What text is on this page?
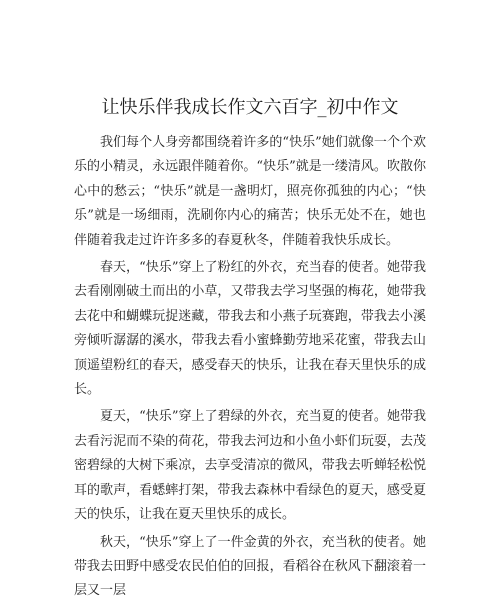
让快乐伴我成长作文六百字_初中作文

我们每个人身旁都围绕着许多的“快乐”她们就像一个个欢乐的小精灵，永远跟伴随着你。“快乐”就是一缕清风。吹散你心中的愁云；“快乐”就是一盏明灯，照亮你孤独的内心；“快乐”就是一场细雨，洗刷你内心的痛苦；快乐无处不在，她也伴随着我走过许许多多的春夏秋冬，伴随着我快乐成长。

春天，“快乐”穿上了粉红的外衣，充当春的使者。她带我去看刚刚破土而出的小草，又带我去学习坚强的梅花，她带我去花中和蝴蝶玩捉迷藏，带我去和小燕子玩赛跑，带我去小溪旁倾听潺潺的溪水，带我去看小蜜蜂勤劳地采花蜜，带我去山顶遥望粉红的春天，感受春天的快乐，让我在春天里快乐的成长。

夏天，“快乐”穿上了碧绿的外衣，充当夏的使者。她带我去看污泥而不染的荷花，带我去河边和小鱼小虾们玩耍，去茂密碧绿的大树下乘凉，去享受清凉的微风，带我去听蝉轻松悦耳的歌声，看蟋蟀打架，带我去森林中看绿色的夏天，感受夏天的快乐，让我在夏天里快乐的成长。

秋天，“快乐”穿上了一件金黄的外衣，充当秋的使者。她带我去田野中感受农民伯伯的回报，看稻谷在秋风下翻滚着一层又一层
